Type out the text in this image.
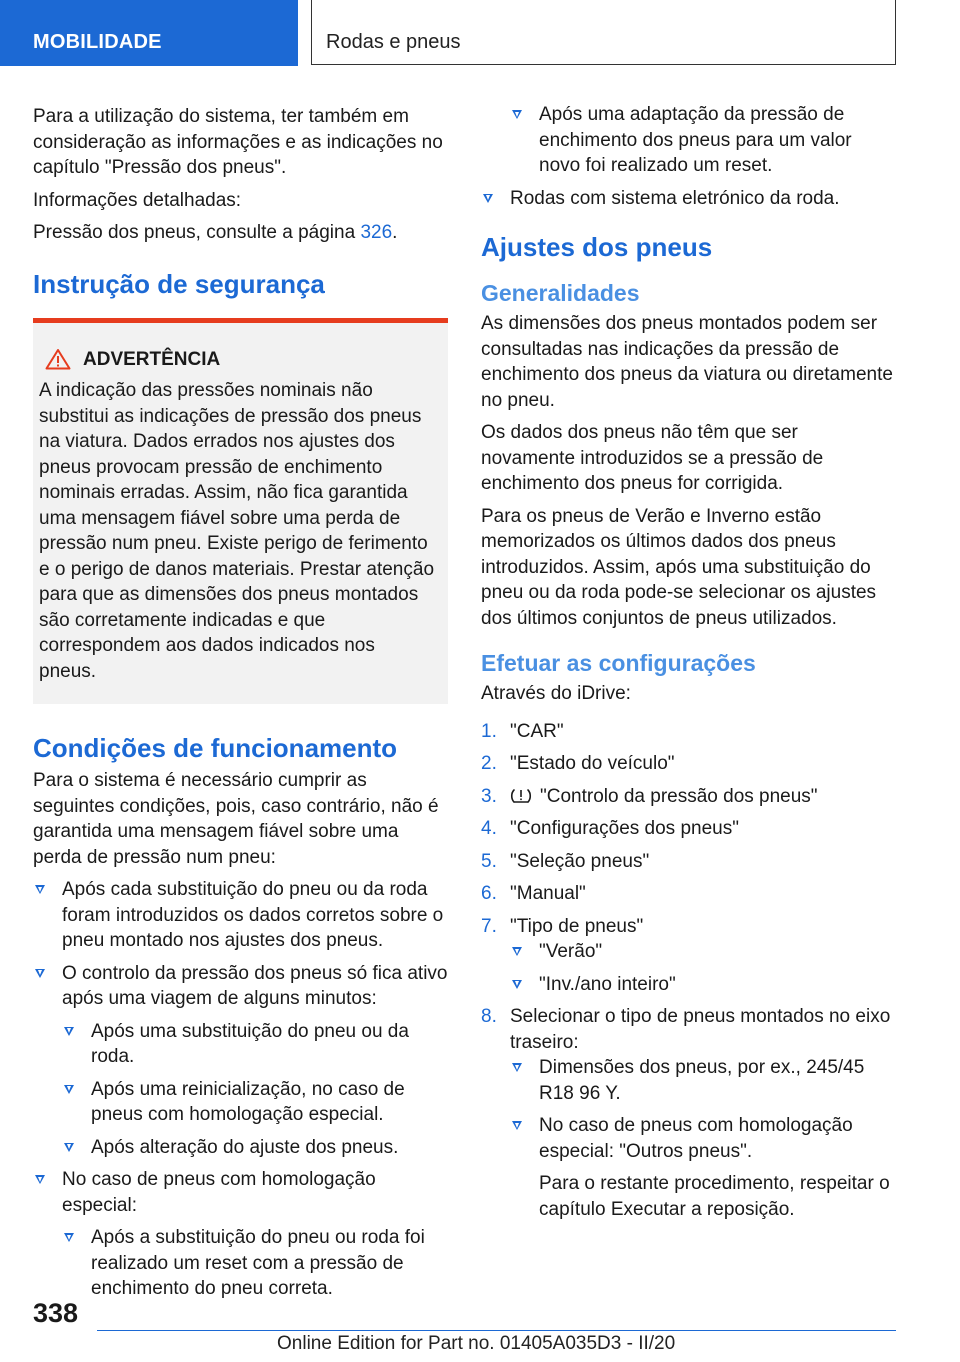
MOBILIDADE	Rodas e pneus

Para a utilização do sistema, ter também em consideração as informações e as indicações no capítulo "Pressão dos pneus".

Informações detalhadas:

Pressão dos pneus, consulte a página 326.

Instrução de segurança
ADVERTÊNCIA

A indicação das pressões nominais não substitui as indicações de pressão dos pneus na viatura. Dados errados nos ajustes dos pneus provocam pressão de enchimento nominais erradas. Assim, não fica garantida uma mensagem fiável sobre uma perda de pressão num pneu. Existe perigo de ferimento e o perigo de danos materiais. Prestar atenção para que as dimensões dos pneus montados são corretamente indicadas e que correspondem aos dados indicados nos pneus.

Condições de funcionamento

Para o sistema é necessário cumprir as seguintes condições, pois, caso contrário, não é garantida uma mensagem fiável sobre uma perda de pressão num pneu:

Após cada substituição do pneu ou da roda foram introduzidos os dados corretos sobre o pneu montado nos ajustes dos pneus.
O controlo da pressão dos pneus só fica ativo após uma viagem de alguns minutos:
Após uma substituição do pneu ou da roda.
Após uma reinicialização, no caso de pneus com homologação especial.
Após alteração do ajuste dos pneus.
No caso de pneus com homologação especial:
Após a substituição do pneu ou roda foi realizado um reset com a pressão de enchimento do pneu correta.
Após uma adaptação da pressão de enchimento dos pneus para um valor novo foi realizado um reset.
Rodas com sistema eletrónico da roda.
Ajustes dos pneus
Generalidades

As dimensões dos pneus montados podem ser consultadas nas indicações da pressão de enchimento dos pneus da viatura ou diretamente no pneu.

Os dados dos pneus não têm que ser novamente introduzidos se a pressão de enchimento dos pneus for corrigida.

Para os pneus de Verão e Inverno estão memorizados os últimos dados dos pneus introduzidos. Assim, após uma substituição do pneu ou da roda pode-se selecionar os ajustes dos últimos conjuntos de pneus utilizados.

Efetuar as configurações

Através do iDrive:

1. "CAR"
2. "Estado do veículo"
3. "Controlo da pressão dos pneus"
4. "Configurações dos pneus"
5. "Seleção pneus"
6. "Manual"
7. "Tipo de pneus"
"Verão"
"Inv./ano inteiro"
8. Selecionar o tipo de pneus montados no eixo traseiro:
Dimensões dos pneus, por ex., 245/45 R18 96 Y.
No caso de pneus com homologação especial: "Outros pneus".

Para o restante procedimento, respeitar o capítulo Executar a reposição.

338
Online Edition for Part no. 01405A035D3 - II/20
